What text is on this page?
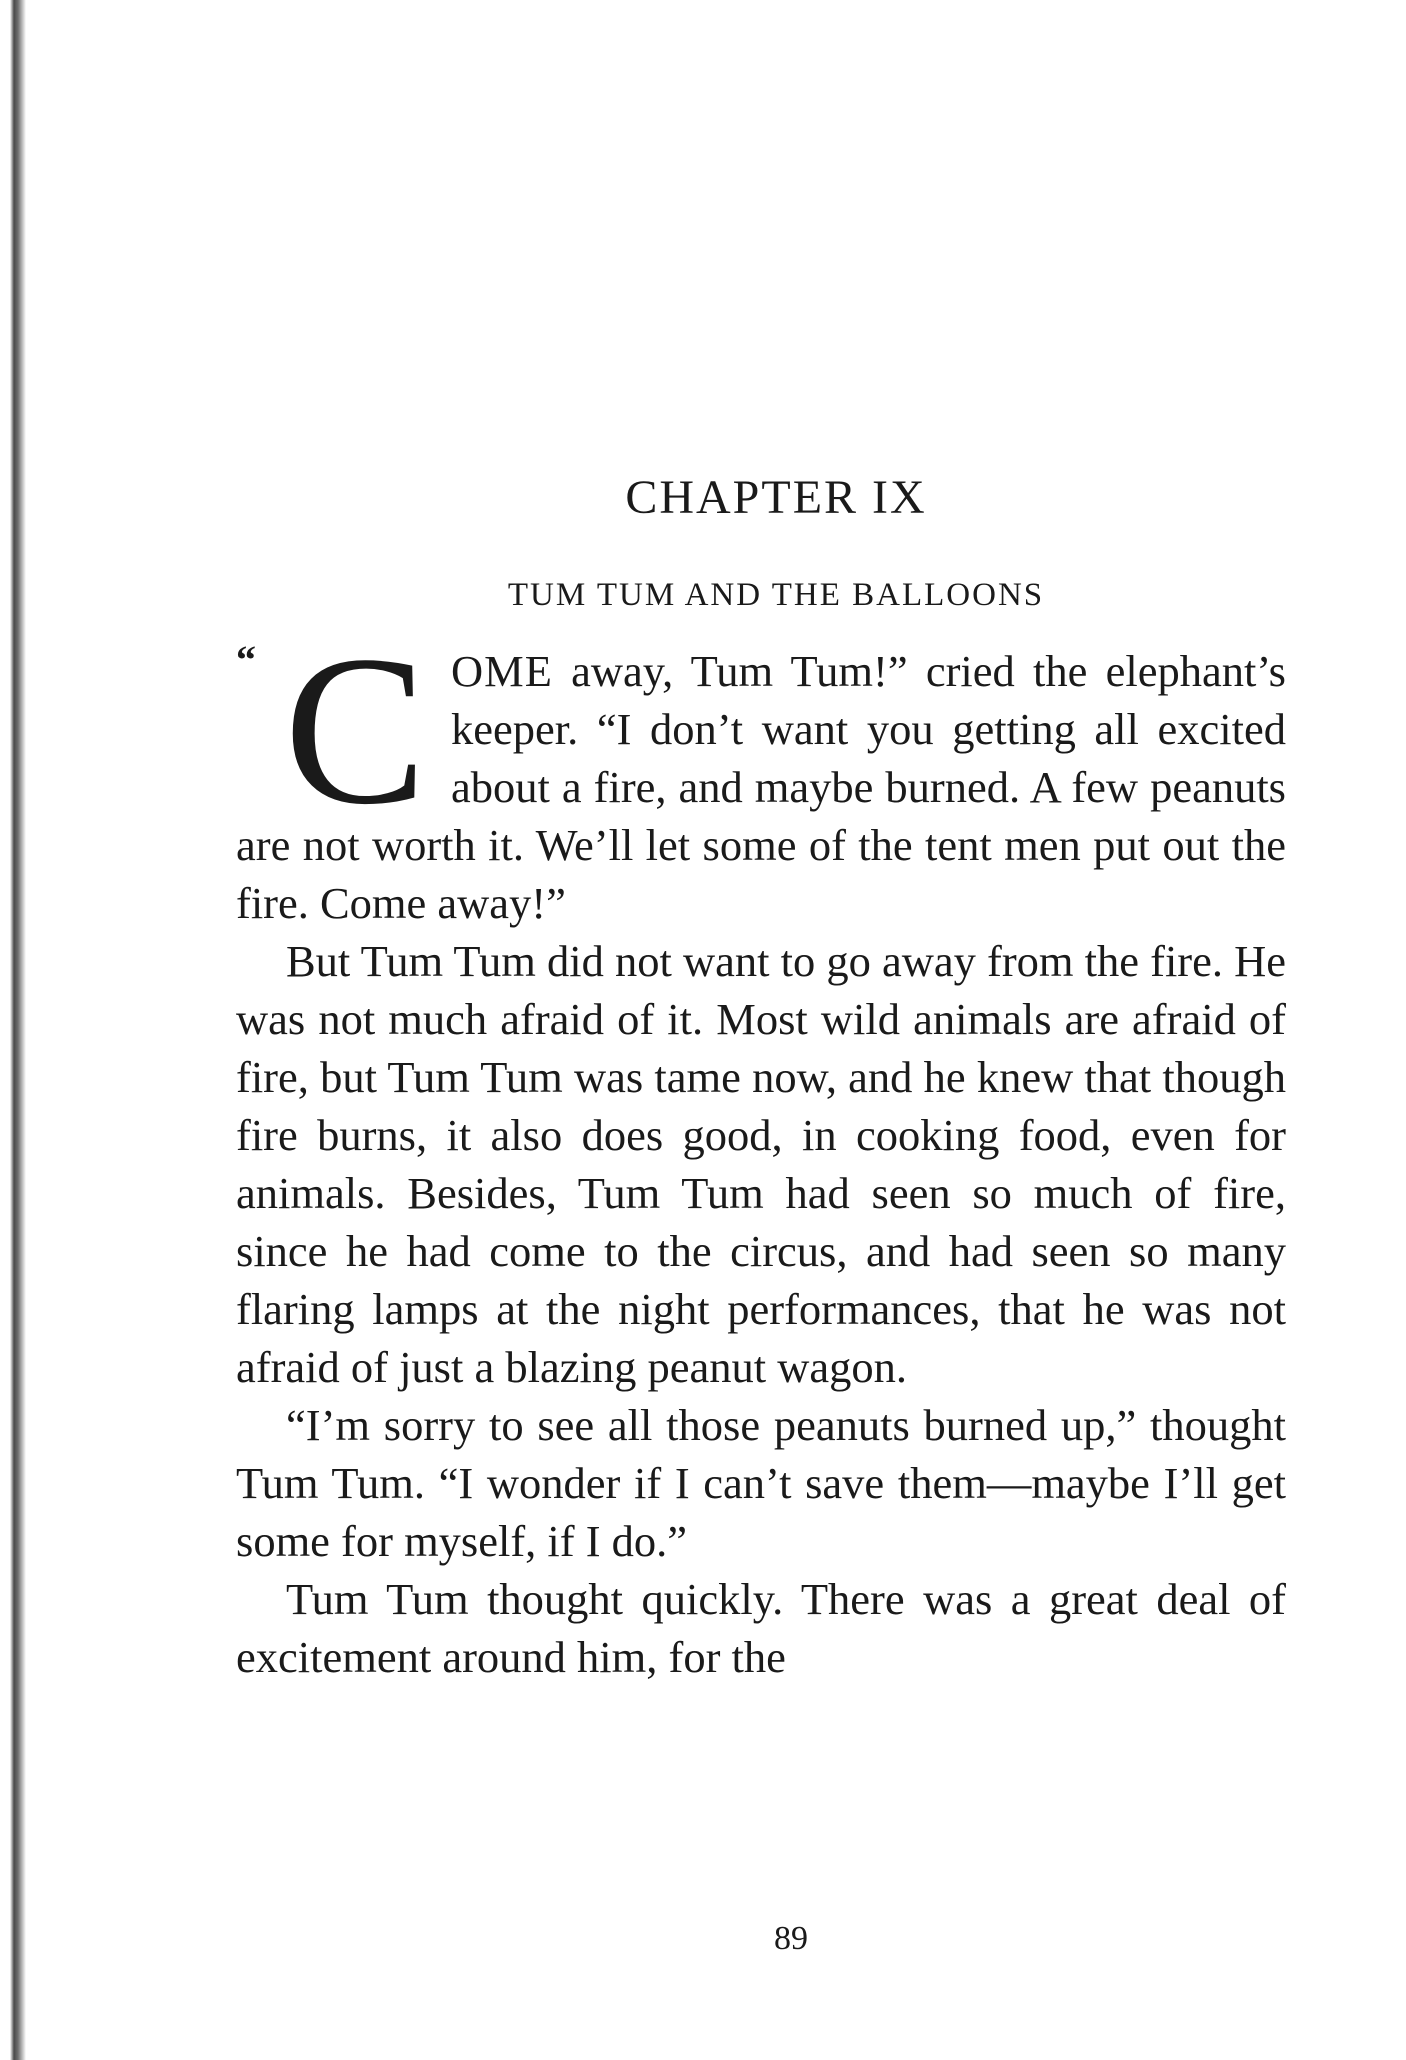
CHAPTER IX
TUM TUM AND THE BALLOONS

“ C OME away, Tum Tum!” cried the elephant’s keeper. “I don’t want you getting all excited about a fire, and maybe burned. A few peanuts are not worth it. We’ll let some of the tent men put out the fire. Come away!”

But Tum Tum did not want to go away from the fire. He was not much afraid of it. Most wild animals are afraid of fire, but Tum Tum was tame now, and he knew that though fire burns, it also does good, in cooking food, even for animals. Besides, Tum Tum had seen so much of fire, since he had come to the circus, and had seen so many flaring lamps at the night performances, that he was not afraid of just a blazing peanut wagon.

“I’m sorry to see all those peanuts burned up,” thought Tum Tum. “I wonder if I can’t save them—maybe I’ll get some for myself, if I do.”

Tum Tum thought quickly. There was a great deal of excitement around him, for the

89
